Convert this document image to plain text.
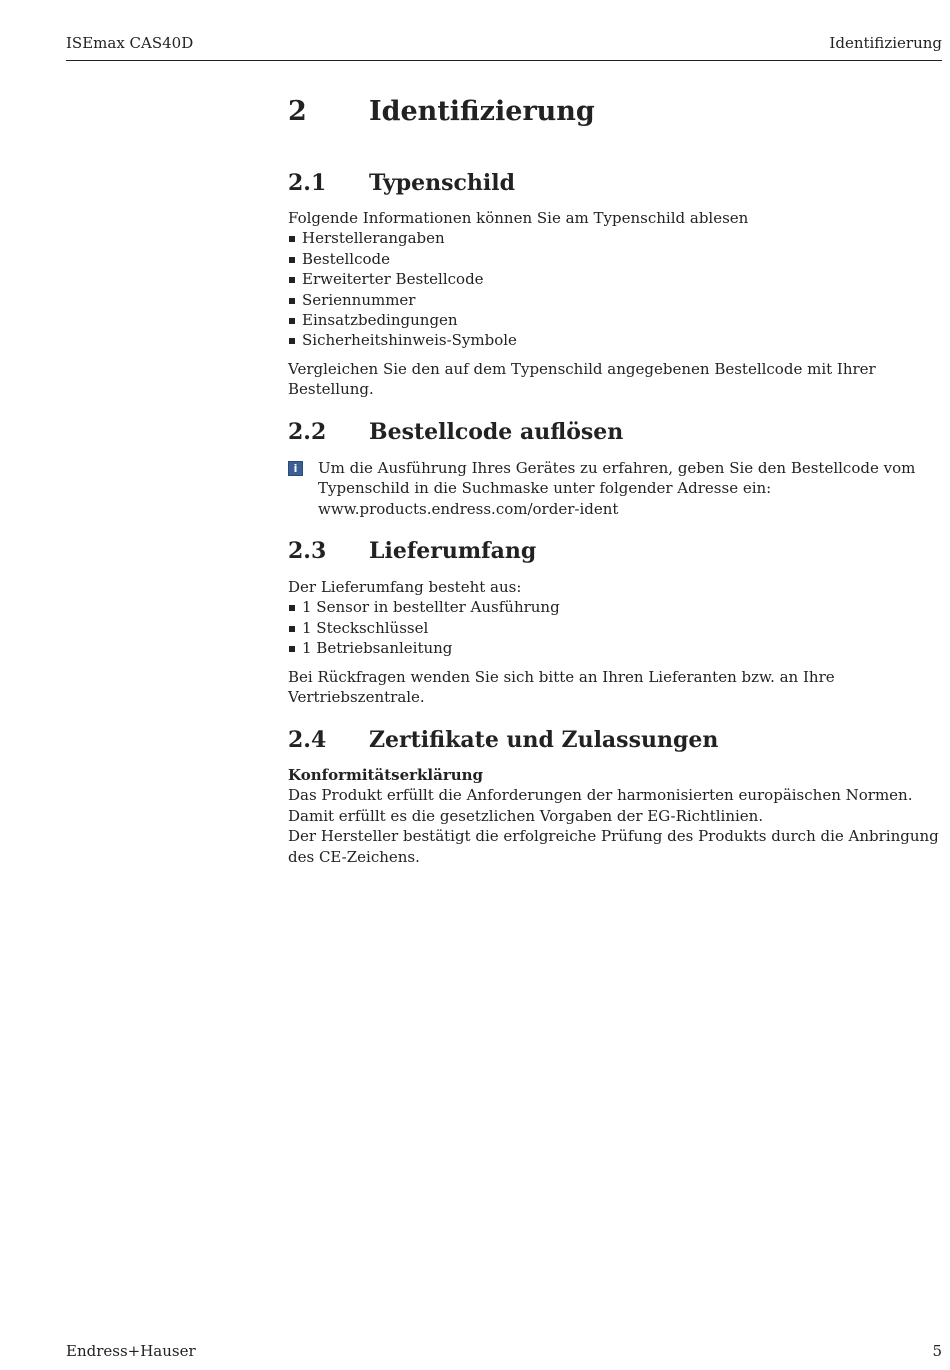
ISEmax CAS40D	Identifizierung
2 Identifizierung
2.1 Typenschild

Folgende Informationen können Sie am Typenschild ablesen

Herstellerangaben
Bestellcode
Erweiterter Bestellcode
Seriennummer
Einsatzbedingungen
Sicherheitshinweis-Symbole

Vergleichen Sie den auf dem Typenschild angegebenen Bestellcode mit Ihrer Bestellung.

2.2 Bestellcode auflösen
i Um die Ausführung Ihres Gerätes zu erfahren, geben Sie den Bestellcode vom Typenschild in die Suchmaske unter folgender Adresse ein: www.products.endress.com/order-ident
2.3 Lieferumfang

Der Lieferumfang besteht aus:

1 Sensor in bestellter Ausführung
1 Steckschlüssel
1 Betriebsanleitung

Bei Rückfragen wenden Sie sich bitte an Ihren Lieferanten bzw. an Ihre Vertriebszentrale.

2.4 Zertifikate und Zulassungen

Konformitätserklärung

Das Produkt erfüllt die Anforderungen der harmonisierten europäischen Normen.

Damit erfüllt es die gesetzlichen Vorgaben der EG-Richtlinien.

Der Hersteller bestätigt die erfolgreiche Prüfung des Produkts durch die Anbringung des CE-Zeichens.

Endress+Hauser	5
